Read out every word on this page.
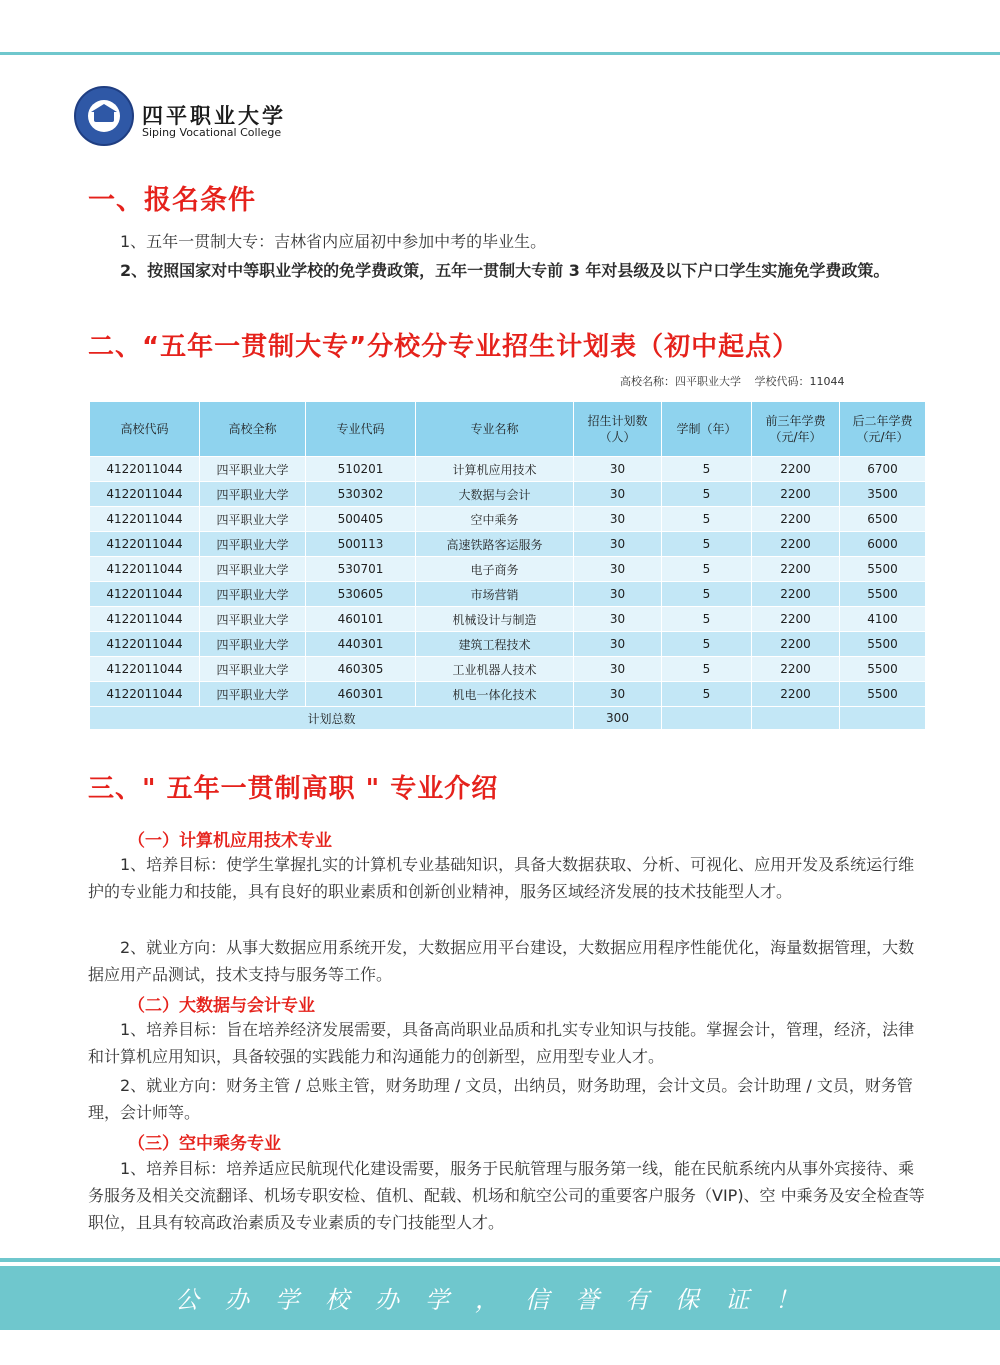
四平职业大学
Siping Vocational College
一、报名条件

1、五年一贯制大专：吉林省内应届初中参加中考的毕业生。

2、按照国家对中等职业学校的免学费政策，五年一贯制大专前 3 年对县级及以下户口学生实施免学费政策。

二、“五年一贯制大专”分校分专业招生计划表（初中起点）
高校名称：四平职业大学 学校代码：11044
高校代码	高校全称	专业代码	专业名称	招生计划数（人）	学制（年）	前三年学费（元/年）	后二年学费（元/年）
4122011044	四平职业大学	510201	计算机应用技术	30	5	2200	6700
4122011044	四平职业大学	530302	大数据与会计	30	5	2200	3500
4122011044	四平职业大学	500405	空中乘务	30	5	2200	6500
4122011044	四平职业大学	500113	高速铁路客运服务	30	5	2200	6000
4122011044	四平职业大学	530701	电子商务	30	5	2200	5500
4122011044	四平职业大学	530605	市场营销	30	5	2200	5500
4122011044	四平职业大学	460101	机械设计与制造	30	5	2200	4100
4122011044	四平职业大学	440301	建筑工程技术	30	5	2200	5500
4122011044	四平职业大学	460305	工业机器人技术	30	5	2200	5500
4122011044	四平职业大学	460301	机电一体化技术	30	5	2200	5500
计划总数				300			
三、" 五年一贯制高职 " 专业介绍
（一）计算机应用技术专业

1、培养目标：使学生掌握扎实的计算机专业基础知识，具备大数据获取、分析、可视化、应用开发及系统运行维护的专业能力和技能，具有良好的职业素质和创新创业精神，服务区域经济发展的技术技能型人才。

2、就业方向：从事大数据应用系统开发，大数据应用平台建设，大数据应用程序性能优化，海量数据管理，大数据应用产品测试，技术支持与服务等工作。

（二）大数据与会计专业

1、培养目标：旨在培养经济发展需要，具备高尚职业品质和扎实专业知识与技能。掌握会计，管理，经济，法律和计算机应用知识，具备较强的实践能力和沟通能力的创新型，应用型专业人才。

2、就业方向：财务主管 / 总账主管，财务助理 / 文员，出纳员，财务助理，会计文员。会计助理 / 文员，财务管理，会计师等。

（三）空中乘务专业

1、培养目标：培养适应民航现代化建设需要，服务于民航管理与服务第一线，能在民航系统内从事外宾接待、乘务服务及相关交流翻译、机场专职安检、值机、配载、机场和航空公司的重要客户服务（VIP)、空 中乘务及安全检查等职位，且具有较高政治素质及专业素质的专门技能型人才。

公办学校办学，信誉有保证！
